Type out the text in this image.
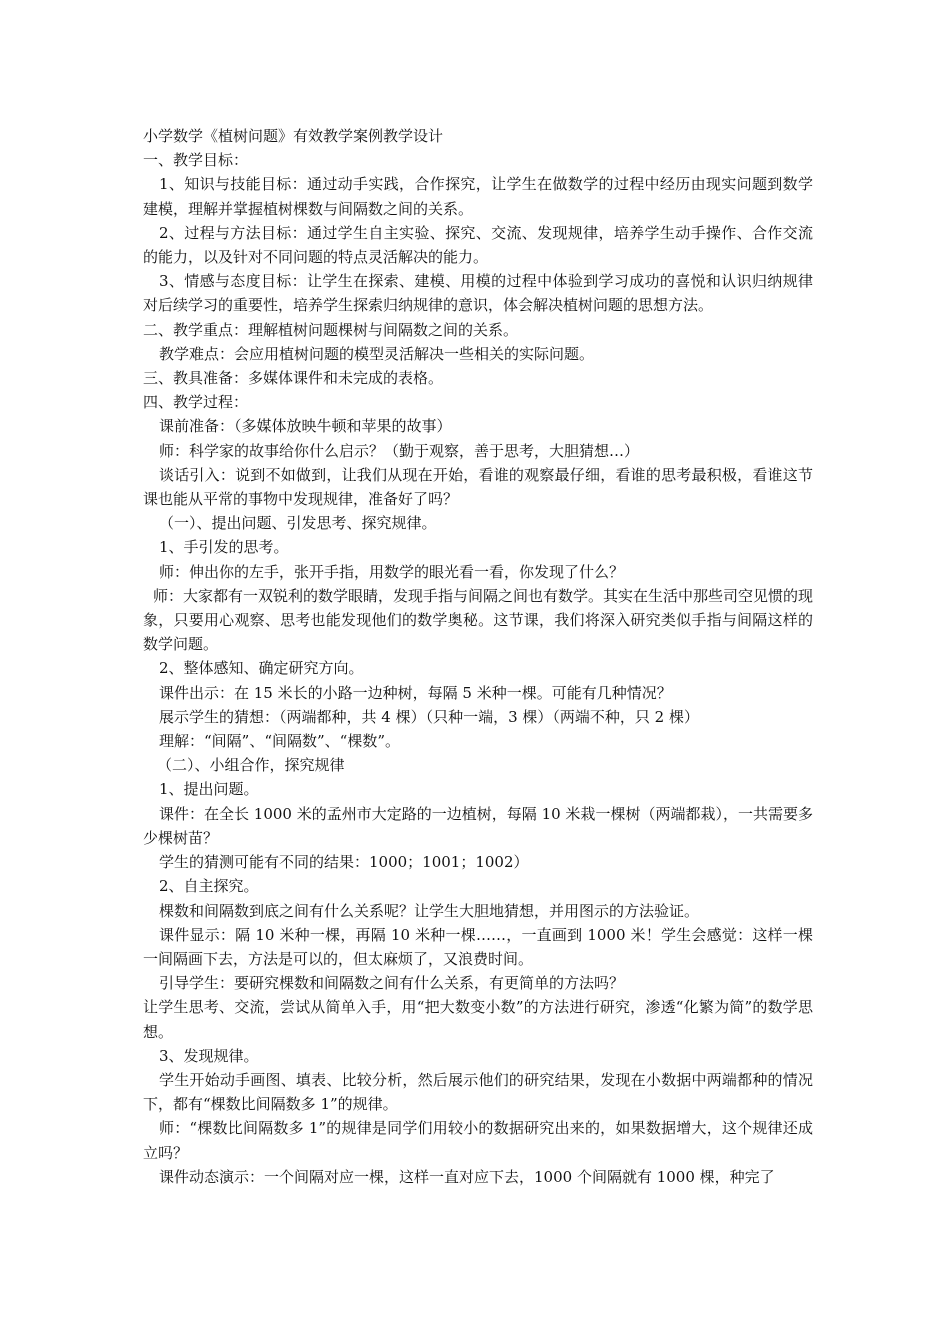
小学数学《植树问题》有效教学案例教学设计

一、教学目标：

1、知识与技能目标：通过动手实践，合作探究，让学生在做数学的过程中经历由现实问题到数学建模，理解并掌握植树棵数与间隔数之间的关系。

2、过程与方法目标：通过学生自主实验、探究、交流、发现规律，培养学生动手操作、合作交流的能力，以及针对不同问题的特点灵活解决的能力。

3、情感与态度目标：让学生在探索、建模、用模的过程中体验到学习成功的喜悦和认识归纳规律对后续学习的重要性，培养学生探索归纳规律的意识，体会解决植树问题的思想方法。

二、教学重点：理解植树问题棵树与间隔数之间的关系。

教学难点：会应用植树问题的模型灵活解决一些相关的实际问题。

三、教具准备：多媒体课件和未完成的表格。

四、教学过程：

课前准备：（多媒体放映牛顿和苹果的故事）

师：科学家的故事给你什么启示？（勤于观察，善于思考，大胆猜想…）

谈话引入：说到不如做到，让我们从现在开始，看谁的观察最仔细，看谁的思考最积极，看谁这节课也能从平常的事物中发现规律，准备好了吗？

（一）、提出问题、引发思考、探究规律。

1、手引发的思考。

师：伸出你的左手，张开手指，用数学的眼光看一看，你发现了什么？

师：大家都有一双锐利的数学眼睛，发现手指与间隔之间也有数学。其实在生活中那些司空见惯的现象，只要用心观察、思考也能发现他们的数学奥秘。这节课，我们将深入研究类似手指与间隔这样的数学问题。

2、整体感知、确定研究方向。

课件出示：在 15 米长的小路一边种树，每隔 5 米种一棵。可能有几种情况？

展示学生的猜想：（两端都种，共 4 棵）（只种一端，3 棵）（两端不种，只 2 棵）

理解：“间隔”、“间隔数”、“棵数”。

（二）、小组合作，探究规律

1、提出问题。

课件：在全长 1000 米的孟州市大定路的一边植树，每隔 10 米栽一棵树（两端都栽），一共需要多少棵树苗？

学生的猜测可能有不同的结果：1000；1001；1002）

2、自主探究。

棵数和间隔数到底之间有什么关系呢？让学生大胆地猜想，并用图示的方法验证。

课件显示：隔 10 米种一棵，再隔 10 米种一棵……，一直画到 1000 米！学生会感觉：这样一棵一间隔画下去，方法是可以的，但太麻烦了，又浪费时间。

引导学生：要研究棵数和间隔数之间有什么关系，有更简单的方法吗？

让学生思考、交流，尝试从简单入手，用“把大数变小数”的方法进行研究，渗透“化繁为简”的数学思想。

3、发现规律。

学生开始动手画图、填表、比较分析，然后展示他们的研究结果，发现在小数据中两端都种的情况下，都有“棵数比间隔数多 1”的规律。

师：“棵数比间隔数多 1”的规律是同学们用较小的数据研究出来的，如果数据增大，这个规律还成立吗？

课件动态演示：一个间隔对应一棵，这样一直对应下去，1000 个间隔就有 1000 棵，种完了
